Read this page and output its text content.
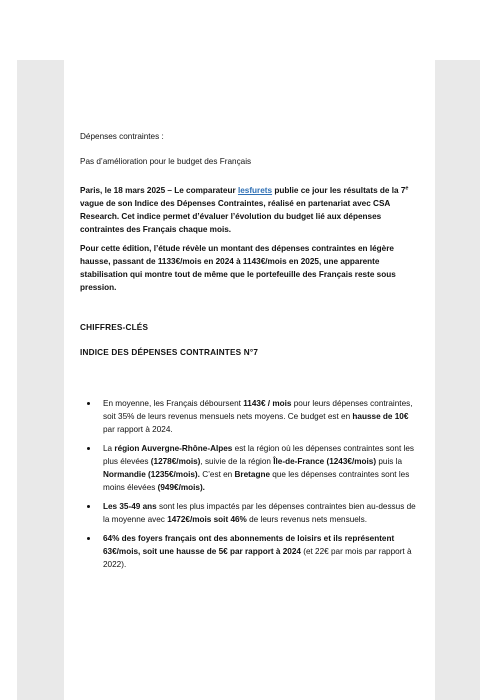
Dépenses contraintes :

Pas d’amélioration pour le budget des Français

Paris, le 18 mars 2025 – Le comparateur lesfurets publie ce jour les résultats de la 7e vague de son Indice des Dépenses Contraintes, réalisé en partenariat avec CSA Research. Cet indice permet d’évaluer l’évolution du budget lié aux dépenses contraintes des Français chaque mois.

Pour cette édition, l’étude révèle un montant des dépenses contraintes en légère hausse, passant de 1133€/mois en 2024 à 1143€/mois en 2025, une apparente stabilisation qui montre tout de même que le portefeuille des Français reste sous pression.

CHIFFRES-CLÉS

INDICE DES DÉPENSES CONTRAINTES N°7

En moyenne, les Français déboursent 1143€ / mois pour leurs dépenses contraintes, soit 35% de leurs revenus mensuels nets moyens. Ce budget est en hausse de 10€ par rapport à 2024.
La région Auvergne-Rhône-Alpes est la région où les dépenses contraintes sont les plus élevées (1278€/mois), suivie de la région Île-de-France (1243€/mois) puis la Normandie (1235€/mois). C’est en Bretagne que les dépenses contraintes sont les moins élevées (949€/mois).
Les 35-49 ans sont les plus impactés par les dépenses contraintes bien au-dessus de la moyenne avec 1472€/mois soit 46% de leurs revenus nets mensuels.
64% des foyers français ont des abonnements de loisirs et ils représentent 63€/mois, soit une hausse de 5€ par rapport à 2024 (et 22€ par mois par rapport à 2022).
